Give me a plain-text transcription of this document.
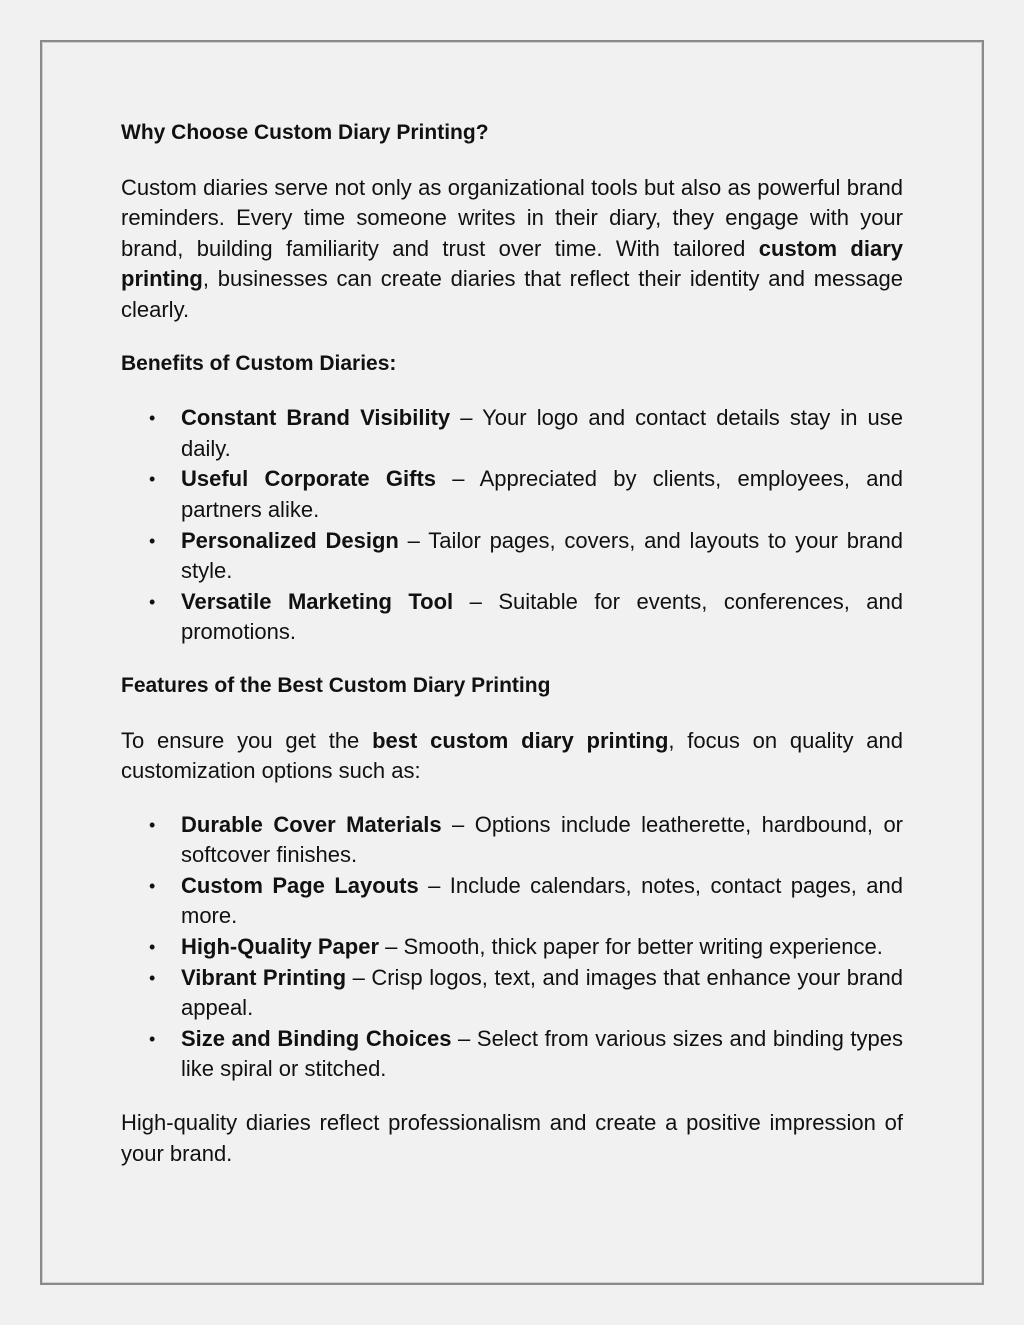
Why Choose Custom Diary Printing?

Custom diaries serve not only as organizational tools but also as powerful brand reminders. Every time someone writes in their diary, they engage with your brand, building familiarity and trust over time. With tailored custom diary printing, businesses can create diaries that reflect their identity and message clearly.

Benefits of Custom Diaries:

• Constant Brand Visibility – Your logo and contact details stay in use daily.
• Useful Corporate Gifts – Appreciated by clients, employees, and partners alike.
• Personalized Design – Tailor pages, covers, and layouts to your brand style.
• Versatile Marketing Tool – Suitable for events, conferences, and promotions.

Features of the Best Custom Diary Printing

To ensure you get the best custom diary printing, focus on quality and customization options such as:

• Durable Cover Materials – Options include leatherette, hardbound, or softcover finishes.
• Custom Page Layouts – Include calendars, notes, contact pages, and more.
• High-Quality Paper – Smooth, thick paper for better writing experience.
• Vibrant Printing – Crisp logos, text, and images that enhance your brand appeal.
• Size and Binding Choices – Select from various sizes and binding types like spiral or stitched.

High-quality diaries reflect professionalism and create a positive impression of your brand.
